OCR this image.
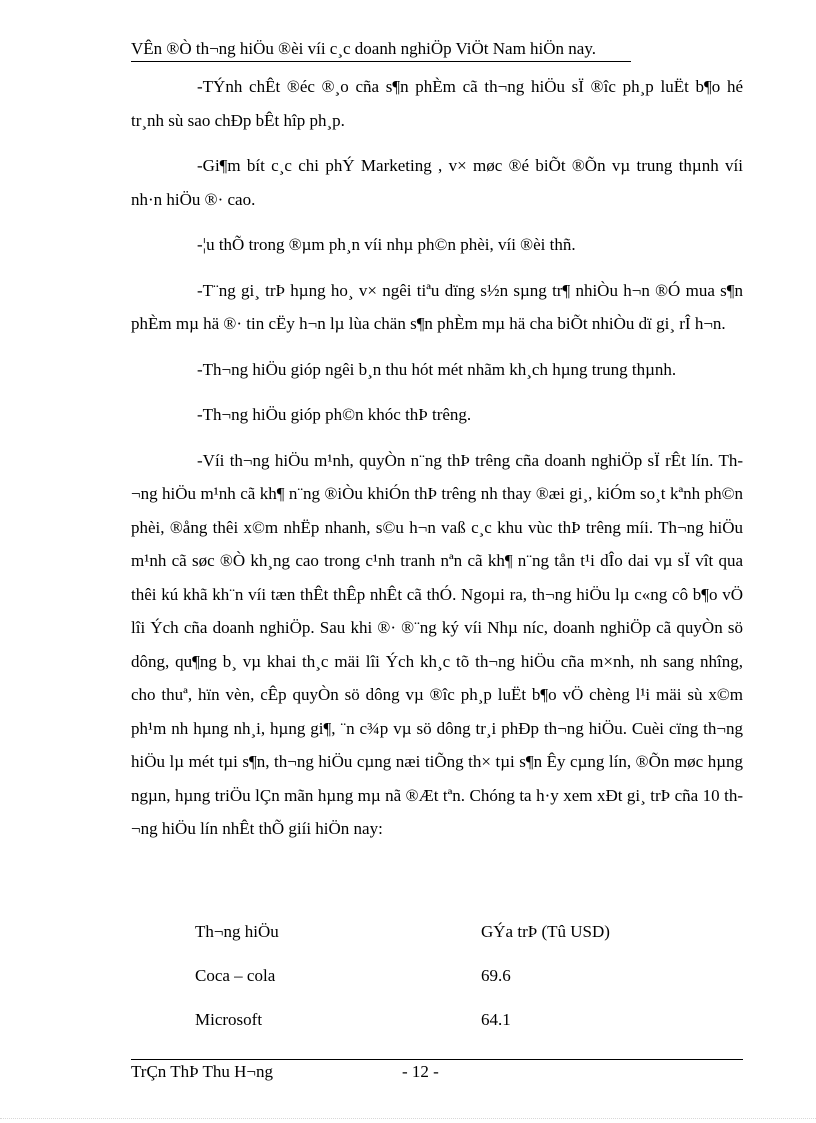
VÊn ®Ò th¬ng hiÖu ®èi víi c¸c doanh nghiÖp ViÖt Nam hiÖn nay.

-TÝnh chÊt ®éc ®¸o cña s¶n phÈm cã th¬ng hiÖu sÏ ®îc ph¸p luËt b¶o hé tr¸nh sù sao chÐp bÊt hîp ph¸p.

-Gi¶m bít c¸c chi phÝ Marketing , v× møc ®é biÕt ®Õn vµ trung thµnh víi nh·n hiÖu ®· cao.

-¦u thÕ trong ®µm ph¸n víi nhµ ph©n phèi, víi ®èi thñ.

-T¨ng gi¸ trÞ hµng ho¸ v× ngêi tiªu dïng s½n sµng tr¶ nhiÒu h¬n ®Ó mua s¶n phÈm mµ hä ®· tin cËy h¬n lµ lùa chän s¶n phÈm mµ hä cha biÕt nhiÒu dï gi¸ rÎ h¬n.

-Th¬ng hiÖu gióp ngêi b¸n thu hót mét nhãm kh¸ch hµng trung thµnh.

-Th¬ng hiÖu gióp ph©n khóc thÞ trêng.

-Víi th¬ng hiÖu m¹nh, quyÒn n¨ng thÞ trêng cña doanh nghiÖp sÏ rÊt lín. Th¬ng hiÖu m¹nh cã kh¶ n¨ng ®iÒu khiÓn thÞ trêng nh thay ®æi gi¸, kiÓm so¸t kªnh ph©n phèi, ®ång thêi x©m nhËp nhanh, s©u h¬n vaß c¸c khu vùc thÞ trêng míi. Th¬ng hiÖu m¹nh cã søc ®Ò kh¸ng cao trong c¹nh tranh nªn cã kh¶ n¨ng tån t¹i dÎo dai vµ sÏ vît qua thêi kú khã kh¨n víi tæn thÊt thÊp nhÊt cã thÓ. Ngoµi ra, th¬ng hiÖu lµ c«ng cô b¶o vÖ lîi Ých cña doanh nghiÖp. Sau khi ®· ®¨ng ký víi Nhµ níc, doanh nghiÖp cã quyÒn sö dông, qu¶ng b¸ vµ khai th¸c mäi lîi Ých kh¸c tõ th¬ng hiÖu cña m×nh, nh sang nhîng, cho thuª, hïn vèn, cÊp quyÒn sö dông vµ ®îc ph¸p luËt b¶o vÖ chèng l¹i mäi sù x©m ph¹m nh hµng nh¸i, hµng gi¶, ¨n c¾p vµ sö dông tr¸i phÐp th¬ng hiÖu. Cuèi cïng th¬ng hiÖu lµ mét tµi s¶n, th¬ng hiÖu cµng næi tiÕng th× tµi s¶n Êy cµng lín, ®Õn møc hµng ngµn, hµng triÖu lÇn mãn hµng mµ nã ®Æt tªn. Chóng ta h·y xem xÐt gi¸ trÞ cña 10 th¬ng hiÖu lín nhÊt thÕ giíi hiÖn nay:

Th¬ng hiÖu	GÝa trÞ (Tû USD)
Coca – cola	69.6
Microsoft	64.1
TrÇn ThÞ Thu H¬ng	- 12 -
